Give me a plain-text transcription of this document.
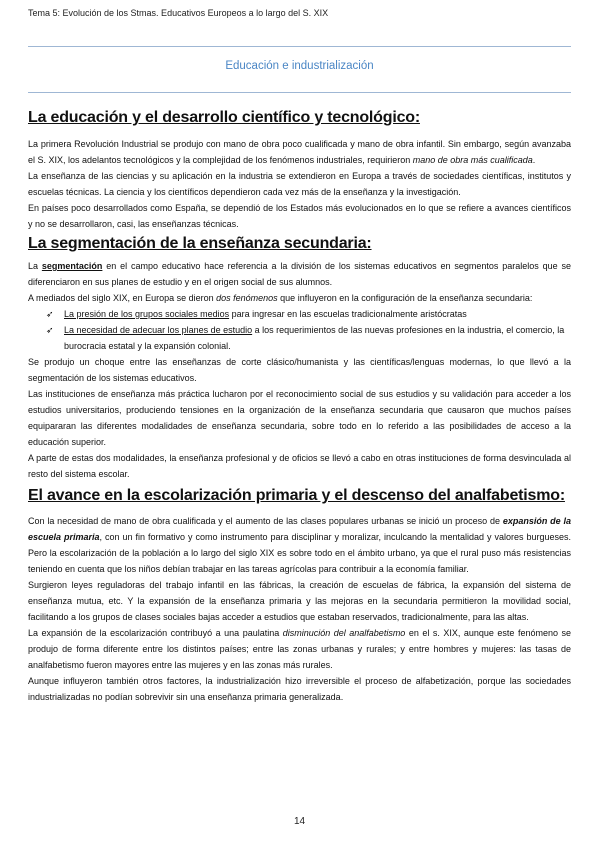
Tema 5: Evolución de los Stmas. Educativos Europeos a lo largo del S. XIX
Educación e industrialización
La educación y el desarrollo científico y tecnológico:

La primera Revolución Industrial se produjo con mano de obra poco cualificada y mano de obra infantil. Sin embargo, según avanzaba el S. XIX, los adelantos tecnológicos y la complejidad de los fenómenos industriales, requirieron mano de obra más cualificada.

La enseñanza de las ciencias y su aplicación en la industria se extendieron en Europa a través de sociedades científicas, institutos y escuelas técnicas. La ciencia y los científicos dependieron cada vez más de la enseñanza y la investigación.

En países poco desarrollados como España, se dependió de los Estados más evolucionados en lo que se refiere a avances científicos y no se desarrollaron, casi, las enseñanzas técnicas.

La segmentación de la enseñanza secundaria:

La segmentación en el campo educativo hace referencia a la división de los sistemas educativos en segmentos paralelos que se diferenciaron en sus planes de estudio y en el origen social de sus alumnos.

A mediados del siglo XIX, en Europa se dieron dos fenómenos que influyeron en la configuración de la enseñanza secundaria:

➶ La presión de los grupos sociales medios para ingresar en las escuelas tradicionalmente aristócratas
➶ La necesidad de adecuar los planes de estudio a los requerimientos de las nuevas profesiones en la industria, el comercio, la burocracia estatal y la expansión colonial.

Se produjo un choque entre las enseñanzas de corte clásico/humanista y las científicas/lenguas modernas, lo que llevó a la segmentación de los sistemas educativos.

Las instituciones de enseñanza más práctica lucharon por el reconocimiento social de sus estudios y su validación para acceder a los estudios universitarios, produciendo tensiones en la organización de la enseñanza secundaria que causaron que muchos países equipararan las diferentes modalidades de enseñanza secundaria, sobre todo en lo referido a las posibilidades de acceso a la educación superior.

A parte de estas dos modalidades, la enseñanza profesional y de oficios se llevó a cabo en otras instituciones de forma desvinculada al resto del sistema escolar.

El avance en la escolarización primaria y el descenso del analfabetismo:

Con la necesidad de mano de obra cualificada y el aumento de las clases populares urbanas se inició un proceso de expansión de la escuela primaria, con un fin formativo y como instrumento para disciplinar y moralizar, inculcando la mentalidad y valores burgueses. Pero la escolarización de la población a lo largo del siglo XIX es sobre todo en el ámbito urbano, ya que el rural puso más resistencias teniendo en cuenta que los niños debían trabajar en las tareas agrícolas para contribuir a la economía familiar.

Surgieron leyes reguladoras del trabajo infantil en las fábricas, la creación de escuelas de fábrica, la expansión del sistema de enseñanza mutua, etc. Y la expansión de la enseñanza primaria y las mejoras en la secundaria permitieron la movilidad social, facilitando a los grupos de clases sociales bajas acceder a estudios que estaban reservados, tradicionalmente, para las altas.

La expansión de la escolarización contribuyó a una paulatina disminución del analfabetismo en el s. XIX, aunque este fenómeno se produjo de forma diferente entre los distintos países; entre las zonas urbanas y rurales; y entre hombres y mujeres: las tasas de analfabetismo fueron mayores entre las mujeres y en las zonas más rurales.

Aunque influyeron también otros factores, la industrialización hizo irreversible el proceso de alfabetización, porque las sociedades industrializadas no podían sobrevivir sin una enseñanza primaria generalizada.

14
